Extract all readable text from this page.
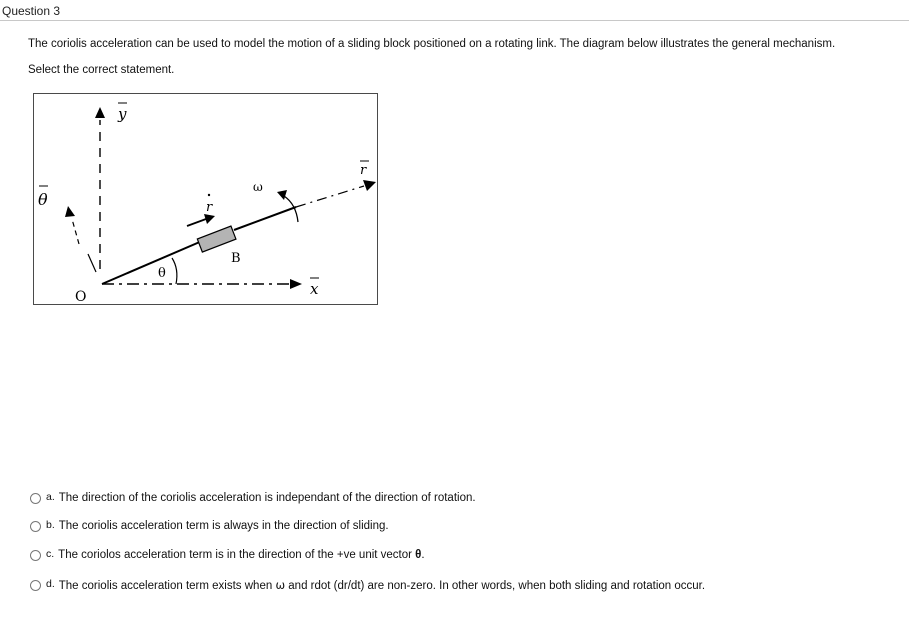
Question 3
The coriolis acceleration can be used to model the motion of a sliding block positioned on a rotating link. The diagram below illustrates the general mechanism.
Select the correct statement.
y
θ	r
ω
r
B
θ
O	x
a. The direction of the coriolis acceleration is independant of the direction of rotation.
b. The coriolis acceleration term is always in the direction of sliding.
c. The coriolos acceleration term is in the direction of the +ve unit vector θ.
d. The coriolis acceleration term exists when ω and rdot (dr/dt) are non-zero. In other words, when both sliding and rotation occur.
